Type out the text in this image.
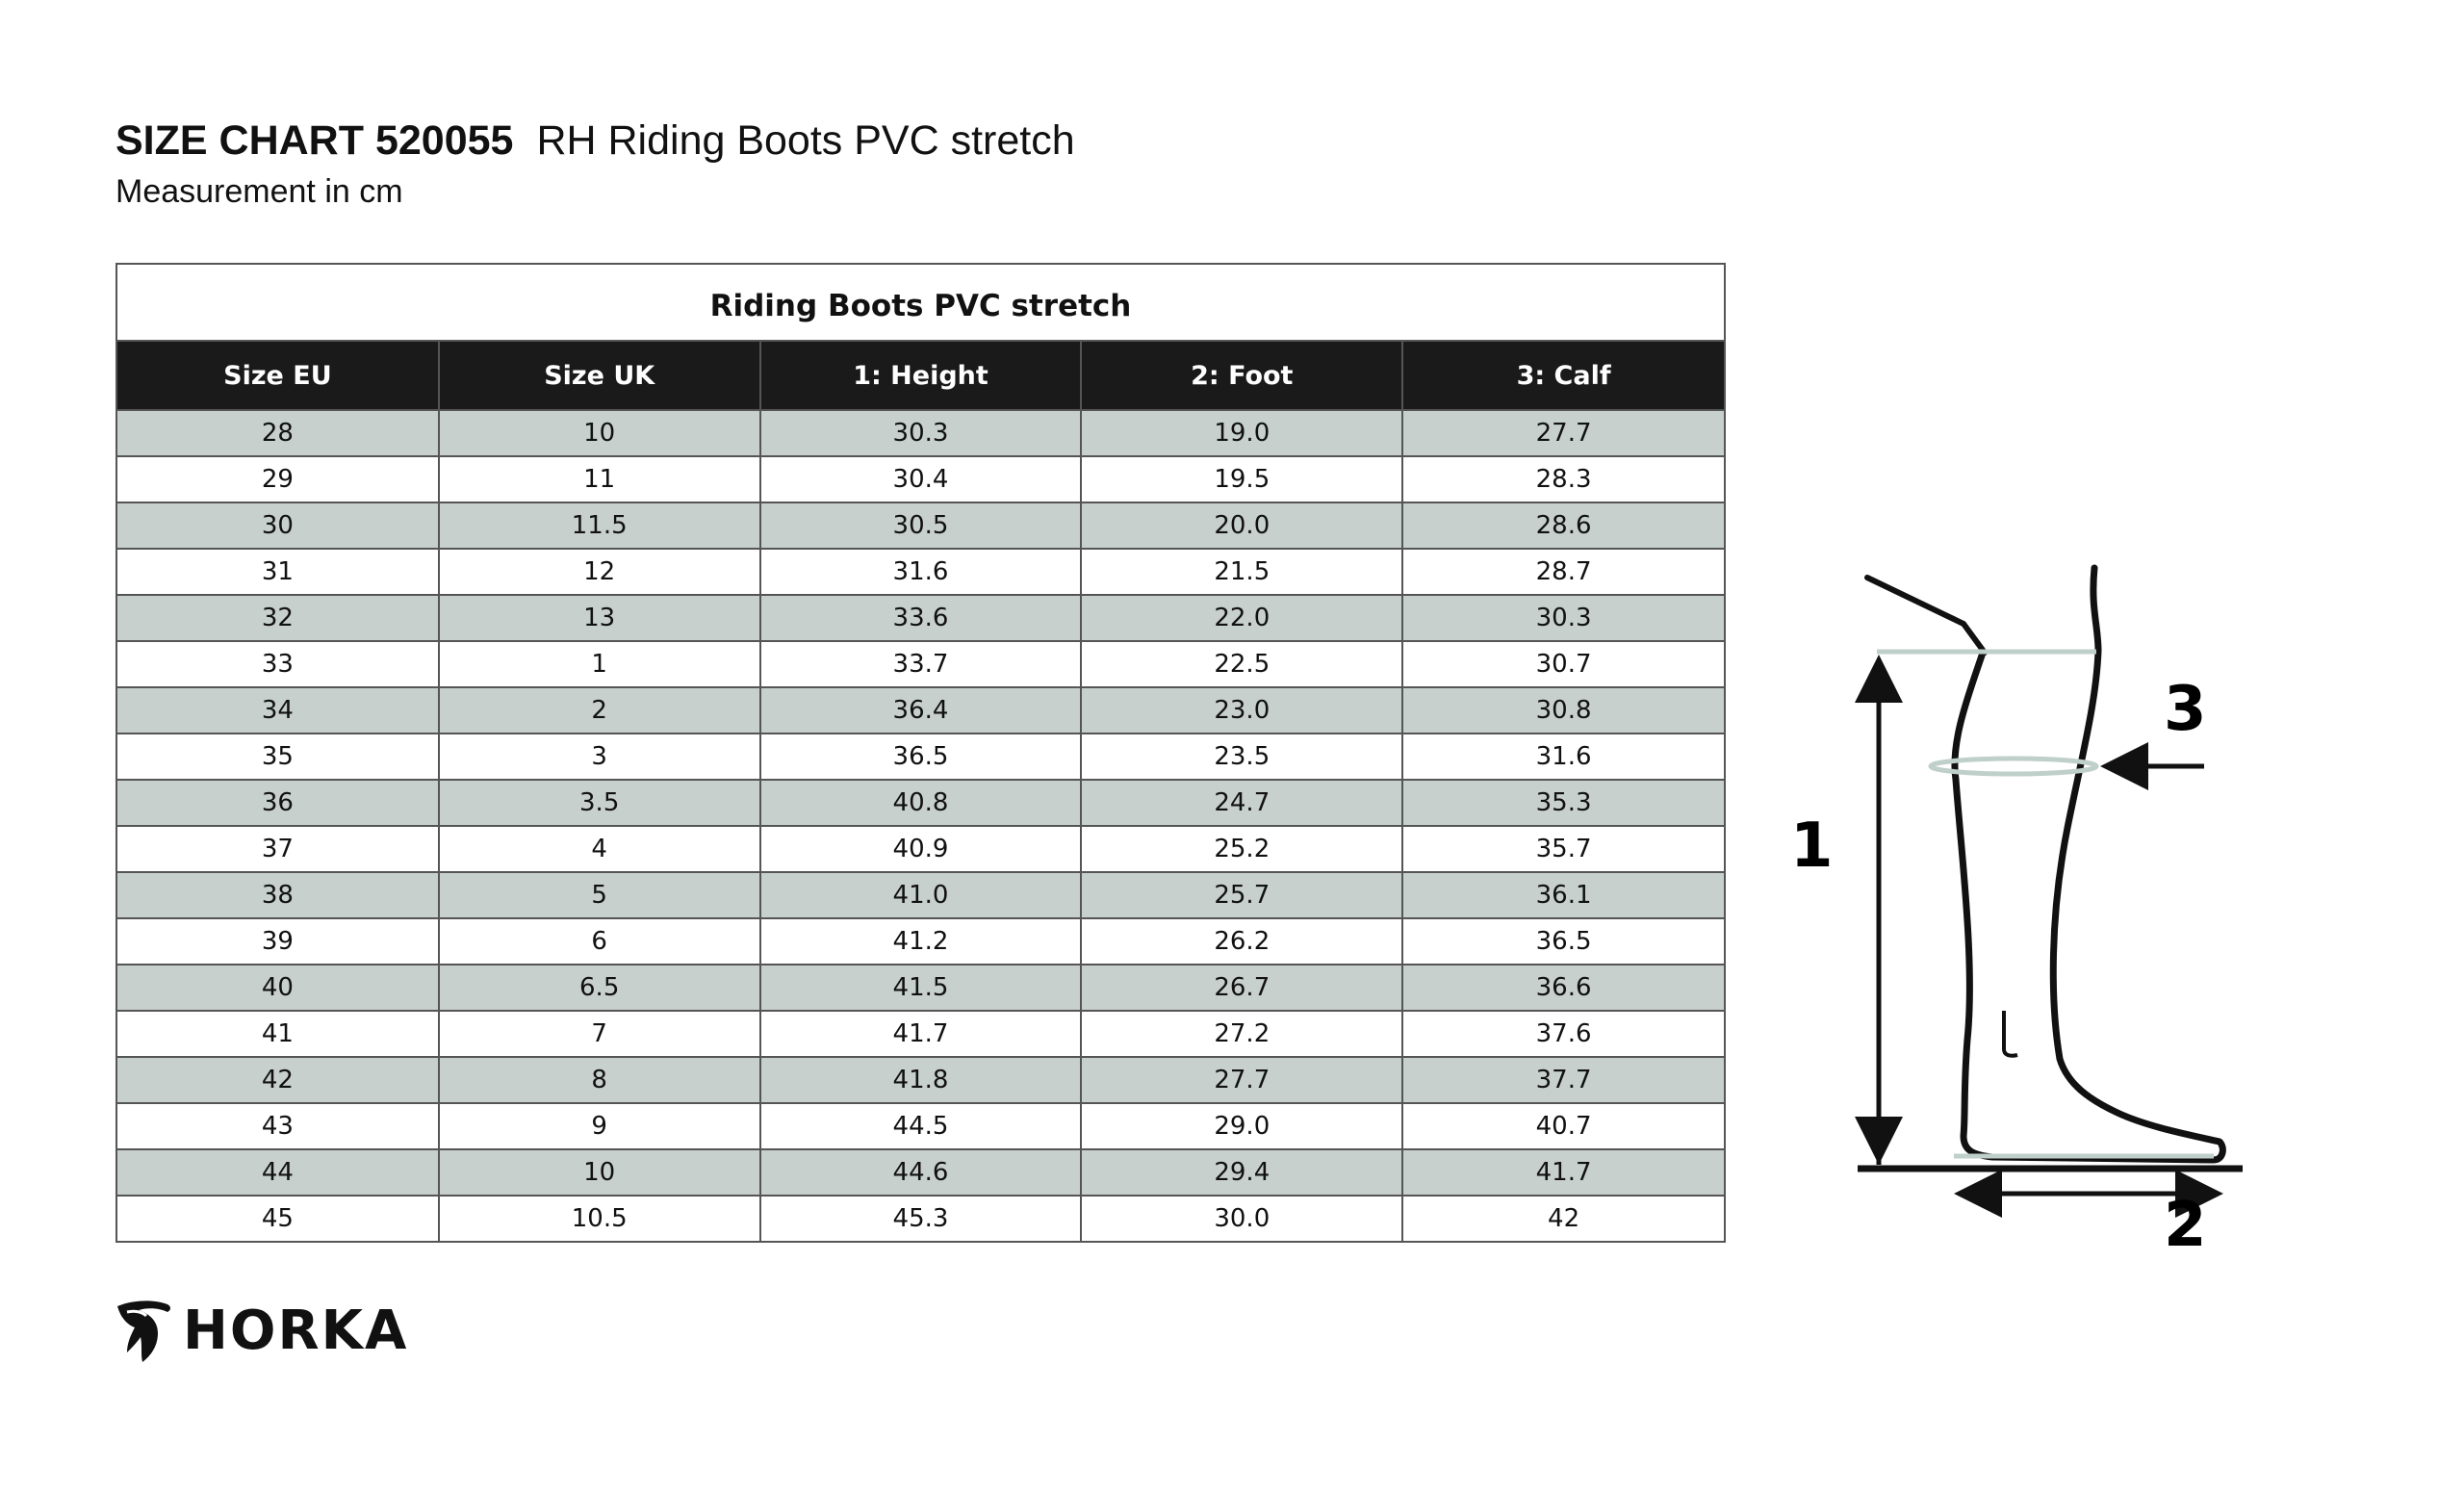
SIZE CHART 520055 RH Riding Boots PVC stretch
Measurement in cm
Riding Boots PVC stretch
Size EU	Size UK	1: Height	2: Foot	3: Calf
28	10	30.3	19.0	27.7
29	11	30.4	19.5	28.3
30	11.5	30.5	20.0	28.6
31	12	31.6	21.5	28.7
32	13	33.6	22.0	30.3
33	1	33.7	22.5	30.7
34	2	36.4	23.0	30.8
35	3	36.5	23.5	31.6
36	3.5	40.8	24.7	35.3
37	4	40.9	25.2	35.7
38	5	41.0	25.7	36.1
39	6	41.2	26.2	36.5
40	6.5	41.5	26.7	36.6
41	7	41.7	27.2	37.6
42	8	41.8	27.7	37.7
43	9	44.5	29.0	40.7
44	10	44.6	29.4	41.7
45	10.5	45.3	30.0	42
HORKA
1
2
3
